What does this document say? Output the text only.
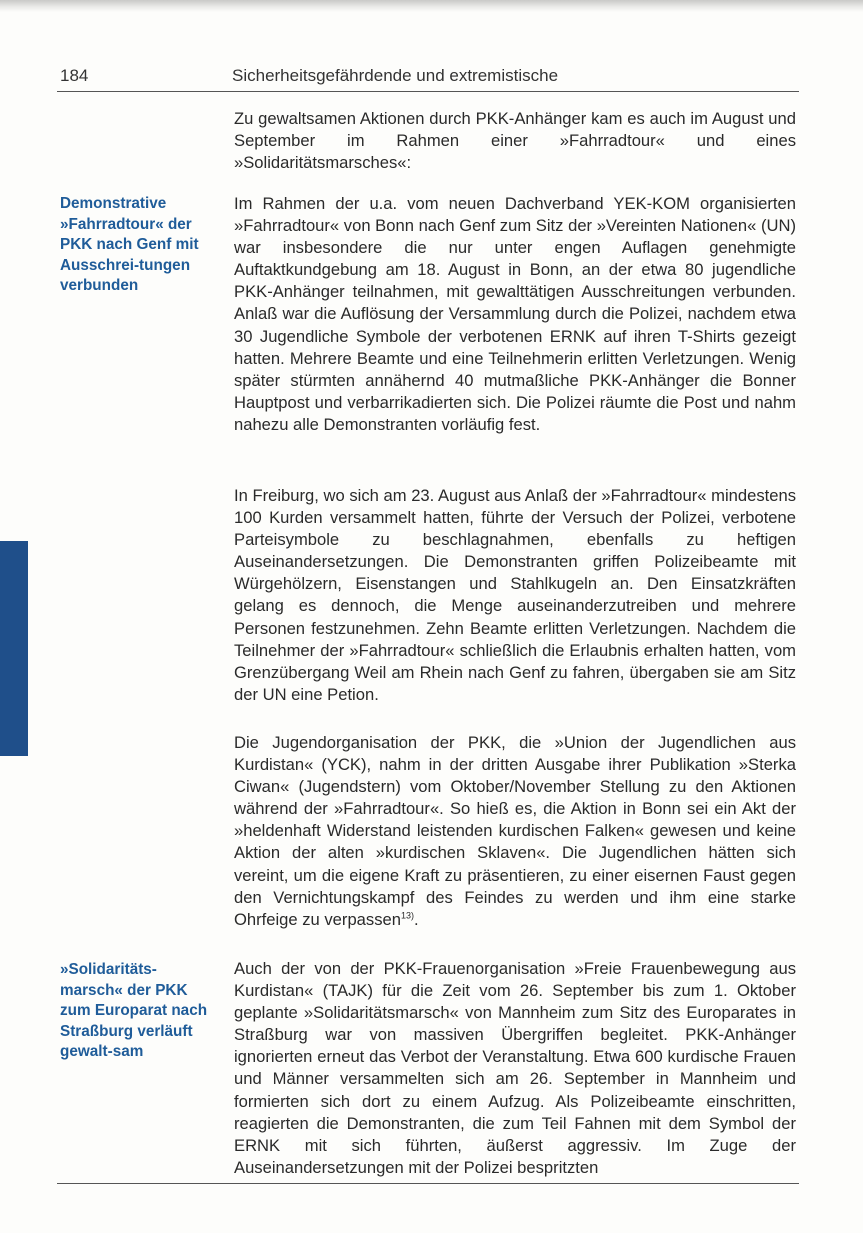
184	Sicherheitsgefährdende und extremistische
Demonstrative »Fahrradtour« der PKK nach Genf mit Ausschrei-tungen verbunden
»Solidaritäts-marsch« der PKK zum Europarat nach Straßburg verläuft gewalt-sam

Zu gewaltsamen Aktionen durch PKK-Anhänger kam es auch im August und September im Rahmen einer »Fahrradtour« und eines »Solidaritätsmarsches«:

Im Rahmen der u.a. vom neuen Dachverband YEK-KOM organisierten »Fahrradtour« von Bonn nach Genf zum Sitz der »Vereinten Nationen« (UN) war insbesondere die nur unter engen Auflagen genehmigte Auftaktkundgebung am 18. August in Bonn, an der etwa 80 jugendliche PKK-Anhänger teilnahmen, mit gewalttätigen Ausschreitungen verbunden. Anlaß war die Auflösung der Versammlung durch die Polizei, nachdem etwa 30 Jugendliche Symbole der verbotenen ERNK auf ihren T-Shirts gezeigt hatten. Mehrere Beamte und eine Teilnehmerin erlitten Verletzungen. Wenig später stürmten annähernd 40 mutmaßliche PKK-Anhänger die Bonner Hauptpost und verbarrikadierten sich. Die Polizei räumte die Post und nahm nahezu alle Demonstranten vorläufig fest.

In Freiburg, wo sich am 23. August aus Anlaß der »Fahrradtour« mindestens 100 Kurden versammelt hatten, führte der Versuch der Polizei, verbotene Parteisymbole zu beschlagnahmen, ebenfalls zu heftigen Auseinandersetzungen. Die Demonstranten griffen Polizeibeamte mit Würgehölzern, Eisenstangen und Stahlkugeln an. Den Einsatzkräften gelang es dennoch, die Menge auseinanderzutreiben und mehrere Personen festzunehmen. Zehn Beamte erlitten Verletzungen. Nachdem die Teilnehmer der »Fahrradtour« schließlich die Erlaubnis erhalten hatten, vom Grenzübergang Weil am Rhein nach Genf zu fahren, übergaben sie am Sitz der UN eine Petion.

Die Jugendorganisation der PKK, die »Union der Jugendlichen aus Kurdistan« (YCK), nahm in der dritten Ausgabe ihrer Publikation »Sterka Ciwan« (Jugendstern) vom Oktober/November Stellung zu den Aktionen während der »Fahrradtour«. So hieß es, die Aktion in Bonn sei ein Akt der »heldenhaft Widerstand leistenden kurdischen Falken« gewesen und keine Aktion der alten »kurdischen Sklaven«. Die Jugendlichen hätten sich vereint, um die eigene Kraft zu präsentieren, zu einer eisernen Faust gegen den Vernichtungskampf des Feindes zu werden und ihm eine starke Ohrfeige zu verpassen$^{13)}$.

Auch der von der PKK-Frauenorganisation »Freie Frauenbewegung aus Kurdistan« (TAJK) für die Zeit vom 26. September bis zum 1. Oktober geplante »Solidaritätsmarsch« von Mannheim zum Sitz des Europarates in Straßburg war von massiven Übergriffen begleitet. PKK-Anhänger ignorierten erneut das Verbot der Veranstaltung. Etwa 600 kurdische Frauen und Männer versammelten sich am 26. September in Mannheim und formierten sich dort zu einem Aufzug. Als Polizeibeamte einschritten, reagierten die Demonstranten, die zum Teil Fahnen mit dem Symbol der ERNK mit sich führten, äußerst aggressiv. Im Zuge der Auseinandersetzungen mit der Polizei bespritzten
